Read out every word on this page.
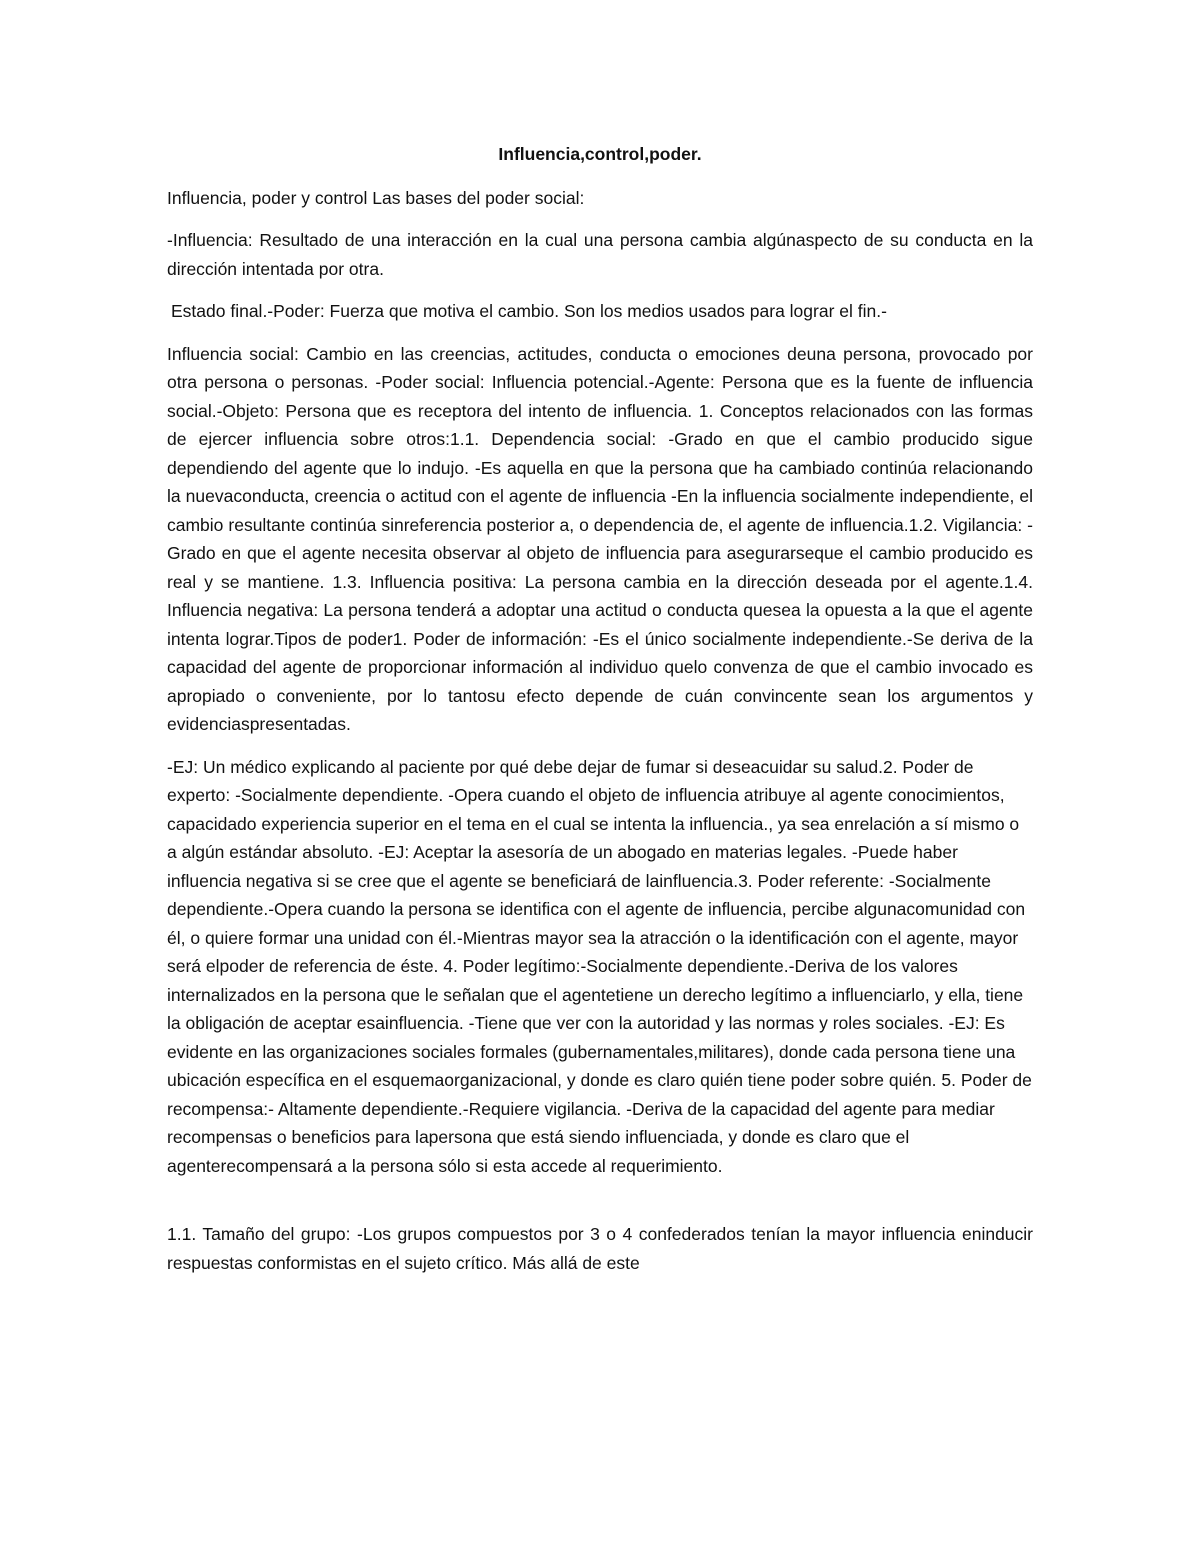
Influencia,control,poder.

Influencia, poder y control Las bases del poder social:

-Influencia: Resultado de una interacción en la cual una persona cambia algúnaspecto de su conducta en la dirección intentada por otra.

Estado final.-Poder: Fuerza que motiva el cambio. Son los medios usados para lograr el fin.-

Influencia social: Cambio en las creencias, actitudes, conducta o emociones deuna persona, provocado por otra persona o personas. -Poder social: Influencia potencial.-Agente: Persona que es la fuente de influencia social.-Objeto: Persona que es receptora del intento de influencia. 1. Conceptos relacionados con las formas de ejercer influencia sobre otros:1.1. Dependencia social: -Grado en que el cambio producido sigue dependiendo del agente que lo indujo. -Es aquella en que la persona que ha cambiado continúa relacionando la nuevaconducta, creencia o actitud con el agente de influencia -En la influencia socialmente independiente, el cambio resultante continúa sinreferencia posterior a, o dependencia de, el agente de influencia.1.2. Vigilancia: -Grado en que el agente necesita observar al objeto de influencia para asegurarseque el cambio producido es real y se mantiene. 1.3. Influencia positiva: La persona cambia en la dirección deseada por el agente.1.4. Influencia negativa: La persona tenderá a adoptar una actitud o conducta quesea la opuesta a la que el agente intenta lograr.Tipos de poder1. Poder de información: -Es el único socialmente independiente.-Se deriva de la capacidad del agente de proporcionar información al individuo quelo convenza de que el cambio invocado es apropiado o conveniente, por lo tantosu efecto depende de cuán convincente sean los argumentos y evidenciaspresentadas.

-EJ: Un médico explicando al paciente por qué debe dejar de fumar si deseacuidar su salud.2. Poder de experto: -Socialmente dependiente. -Opera cuando el objeto de influencia atribuye al agente conocimientos, capacidado experiencia superior en el tema en el cual se intenta la influencia., ya sea enrelación a sí mismo o a algún estándar absoluto. -EJ: Aceptar la asesoría de un abogado en materias legales. -Puede haber influencia negativa si se cree que el agente se beneficiará de lainfluencia.3. Poder referente: -Socialmente dependiente.-Opera cuando la persona se identifica con el agente de influencia, percibe algunacomunidad con él, o quiere formar una unidad con él.-Mientras mayor sea la atracción o la identificación con el agente, mayor será elpoder de referencia de éste. 4. Poder legítimo:-Socialmente dependiente.-Deriva de los valores internalizados en la persona que le señalan que el agentetiene un derecho legítimo a influenciarlo, y ella, tiene la obligación de aceptar esainfluencia. -Tiene que ver con la autoridad y las normas y roles sociales. -EJ: Es evidente en las organizaciones sociales formales (gubernamentales,militares), donde cada persona tiene una ubicación específica en el esquemaorganizacional, y donde es claro quién tiene poder sobre quién. 5. Poder de recompensa:- Altamente dependiente.-Requiere vigilancia. -Deriva de la capacidad del agente para mediar recompensas o beneficios para lapersona que está siendo influenciada, y donde es claro que el agenterecompensará a la persona sólo si esta accede al requerimiento.

1.1. Tamaño del grupo: -Los grupos compuestos por 3 o 4 confederados tenían la mayor influencia eninducir respuestas conformistas en el sujeto crítico. Más allá de este
